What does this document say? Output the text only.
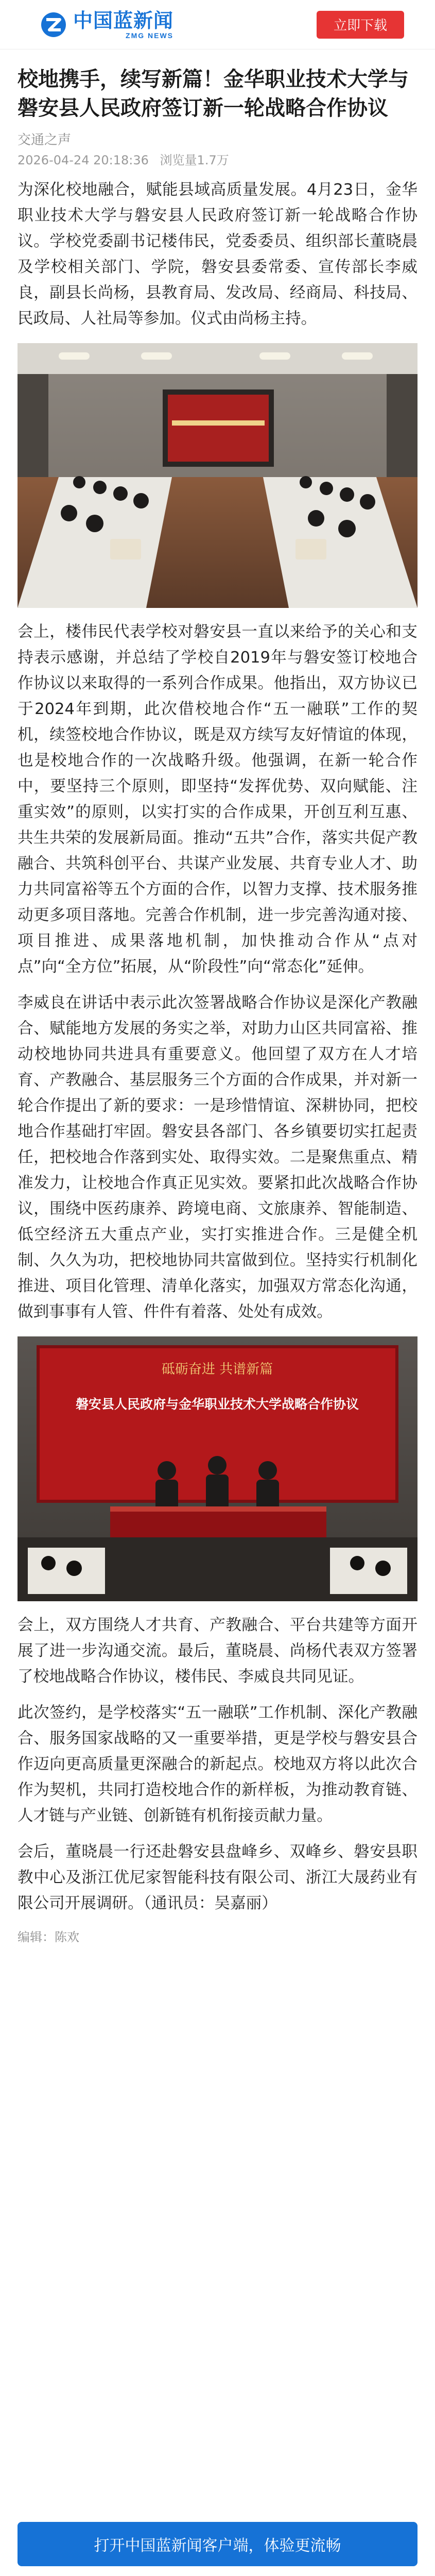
中国蓝新闻
ZMG NEWS
立即下载
校地携手，续写新篇！金华职业技术大学与磐安县人民政府签订新一轮战略合作协议
交通之声
2026-04-24 20:18:36 浏览量1.7万

为深化校地融合，赋能县域高质量发展。4月23日，金华职业技术大学与磐安县人民政府签订新一轮战略合作协议。学校党委副书记楼伟民，党委委员、组织部长董晓晨及学校相关部门、学院，磐安县委常委、宣传部长李威良，副县长尚杨，县教育局、发改局、经商局、科技局、民政局、人社局等参加。仪式由尚杨主持。

会上，楼伟民代表学校对磐安县一直以来给予的关心和支持表示感谢，并总结了学校自2019年与磐安签订校地合作协议以来取得的一系列合作成果。他指出，双方协议已于2024年到期，此次借校地合作“五一融联”工作的契机，续签校地合作协议，既是双方续写友好情谊的体现，也是校地合作的一次战略升级。他强调，在新一轮合作中，要坚持三个原则，即坚持“发挥优势、双向赋能、注重实效”的原则，以实打实的合作成果，开创互利互惠、共生共荣的发展新局面。推动“五共”合作，落实共促产教融合、共筑科创平台、共谋产业发展、共育专业人才、助力共同富裕等五个方面的合作，以智力支撑、技术服务推动更多项目落地。完善合作机制，进一步完善沟通对接、项目推进、成果落地机制，加快推动合作从“点对点”向“全方位”拓展，从“阶段性”向“常态化”延伸。

李威良在讲话中表示此次签署战略合作协议是深化产教融合、赋能地方发展的务实之举，对助力山区共同富裕、推动校地协同共进具有重要意义。他回望了双方在人才培育、产教融合、基层服务三个方面的合作成果，并对新一轮合作提出了新的要求：一是珍惜情谊、深耕协同，把校地合作基础打牢固。磐安县各部门、各乡镇要切实扛起责任，把校地合作落到实处、取得实效。二是聚焦重点、精准发力，让校地合作真正见实效。要紧扣此次战略合作协议，围绕中医药康养、跨境电商、文旅康养、智能制造、低空经济五大重点产业，实打实推进合作。三是健全机制、久久为功，把校地协同共富做到位。坚持实行机制化推进、项目化管理、清单化落实，加强双方常态化沟通，做到事事有人管、件件有着落、处处有成效。

砥砺奋进 共谱新篇
磐安县人民政府与金华职业技术大学战略合作协议

会上，双方围绕人才共育、产教融合、平台共建等方面开展了进一步沟通交流。最后，董晓晨、尚杨代表双方签署了校地战略合作协议，楼伟民、李威良共同见证。

此次签约，是学校落实“五一融联”工作机制、深化产教融合、服务国家战略的又一重要举措，更是学校与磐安县合作迈向更高质量更深融合的新起点。校地双方将以此次合作为契机，共同打造校地合作的新样板，为推动教育链、人才链与产业链、创新链有机衔接贡献力量。

会后，董晓晨一行还赴磐安县盘峰乡、双峰乡、磐安县职教中心及浙江优尼家智能科技有限公司、浙江大晟药业有限公司开展调研。（通讯员：吴嘉丽）

编辑：陈欢
打开中国蓝新闻客户端，体验更流畅
